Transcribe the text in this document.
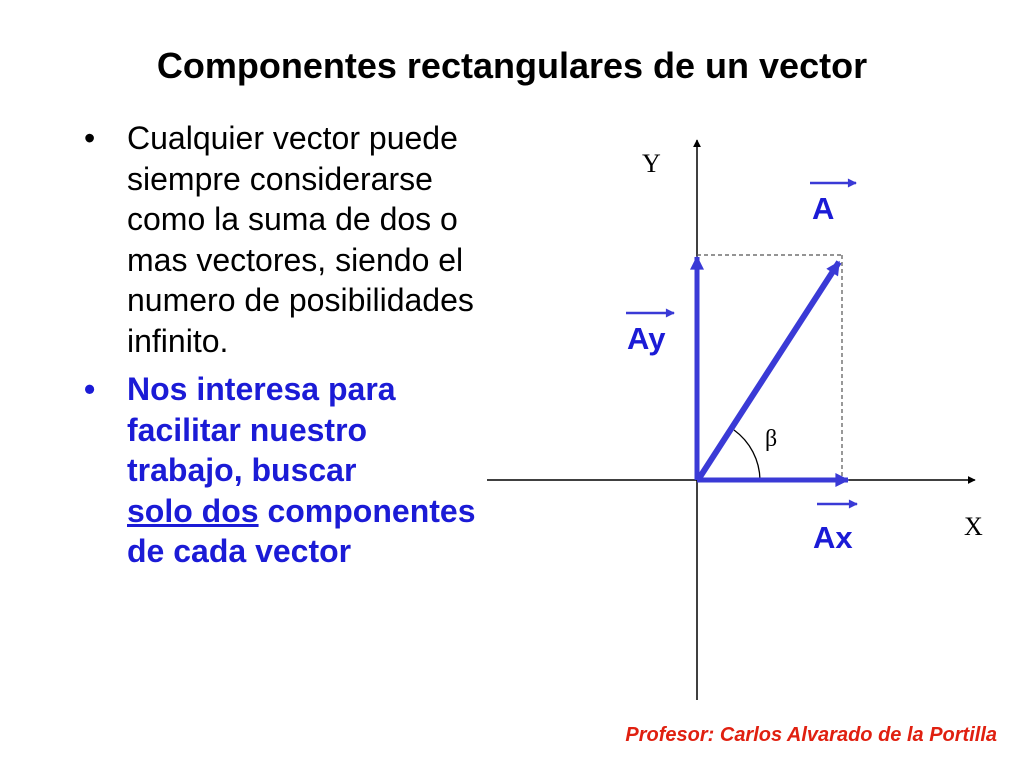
Componentes rectangulares de un vector
• Cualquier vector puede siempre considerarse como la suma de dos o mas vectores, siendo el numero de posibilidades infinito.
• Nos interesa para facilitar nuestro trabajo, buscar
solo dos componentes de cada vector
Y
X
A
Ay
Ax
β
Profesor: Carlos Alvarado de la Portilla
